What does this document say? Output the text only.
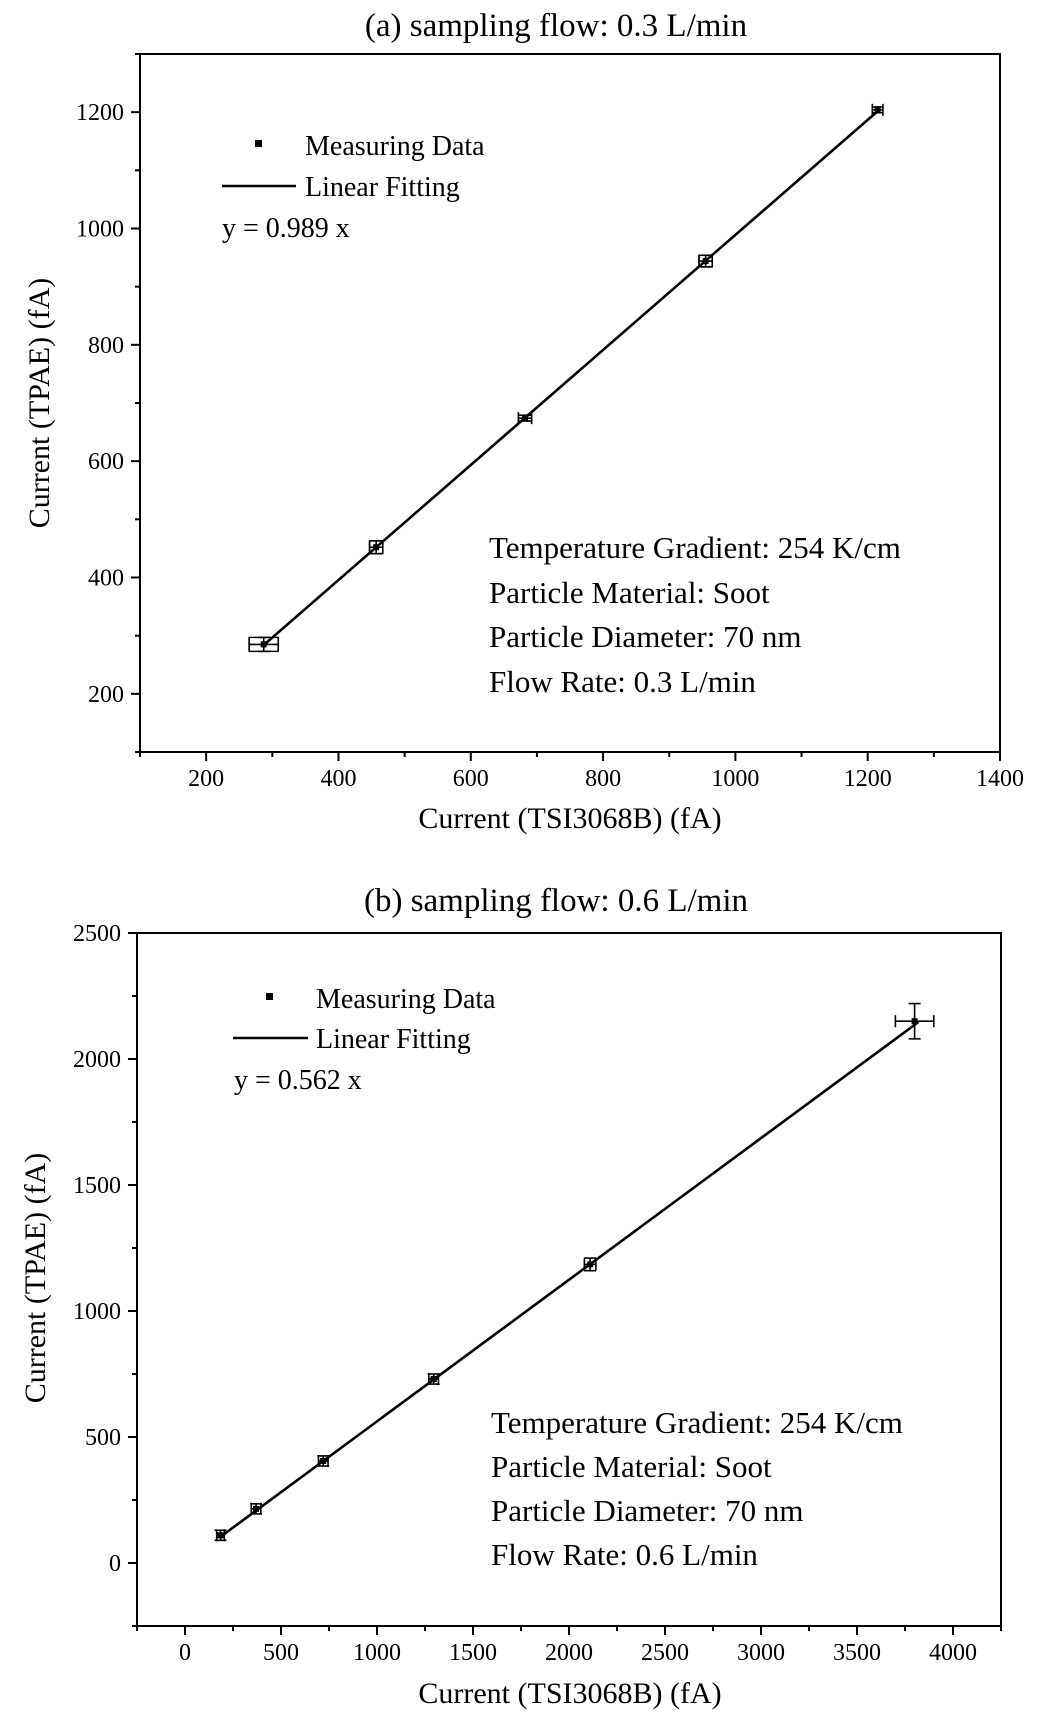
(a) sampling flow: 0.3 L/min
200	400	600	800	1000	1200	1400
200
400
600
800
1000
1200
Measuring Data
Linear Fitting
y = 0.989 x
Temperature Gradient: 254 K/cm
Particle Material: Soot
Particle Diameter: 70 nm
Flow Rate: 0.3 L/min
Current (TSI3068B) (fA)
Current (TPAE) (fA)
(b) sampling flow: 0.6 L/min
0	500 1000 1500 2000 2500 3000 3500 4000
0
500
1000
1500
2000
2500
Measuring Data
Linear Fitting
y = 0.562 x
Temperature Gradient: 254 K/cm
Particle Material: Soot
Particle Diameter: 70 nm
Flow Rate: 0.6 L/min
Current (TSI3068B) (fA)
Current (TPAE) (fA)
